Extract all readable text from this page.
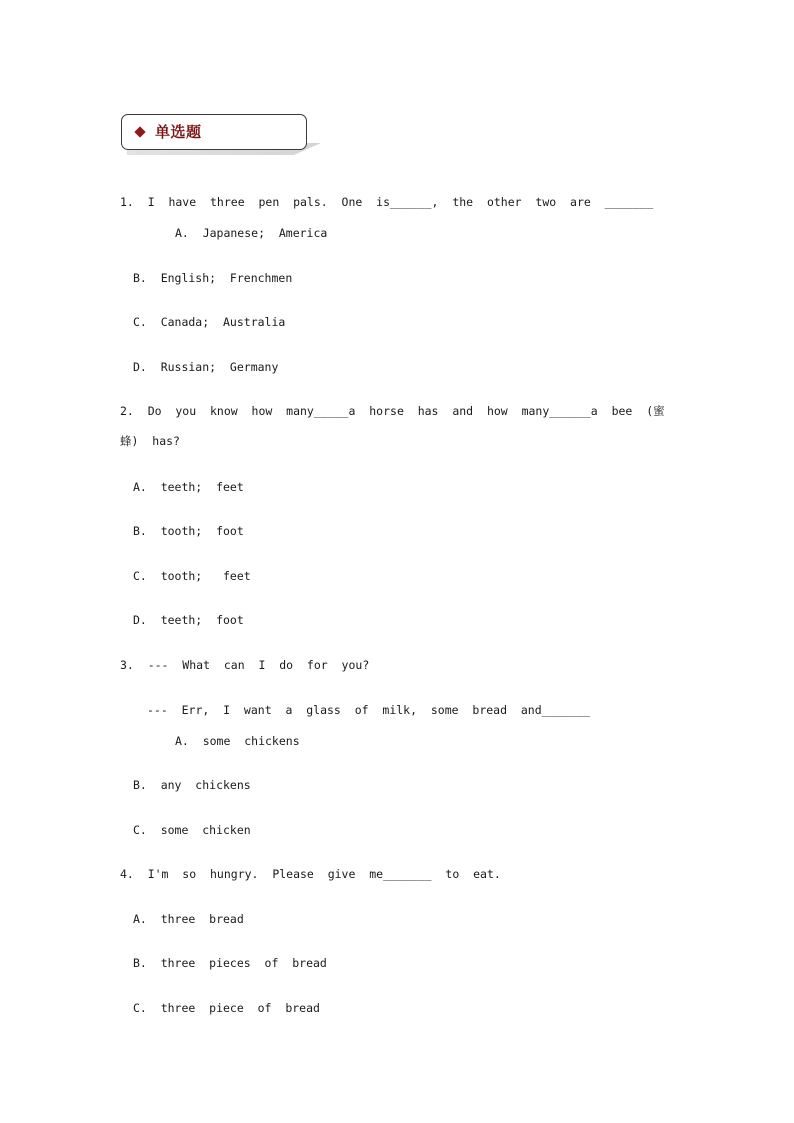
单选题
1.  I  have  three  pen  pals.  One  is______,  the  other  two  are  _______
A.  Japanese;  America
B.  English;  Frenchmen
C.  Canada;  Australia
D.  Russian;  Germany
2.  Do  you  know  how  many_____a  horse  has  and  how  many______a  bee  (蜜
蜂)  has?
A.  teeth;  feet
B.  tooth;  foot
C.  tooth;   feet
D.  teeth;  foot
3.  ---  What  can  I  do  for  you?
---  Err,  I  want  a  glass  of  milk,  some  bread  and_______
A.  some  chickens
B.  any  chickens
C.  some  chicken
4.  I'm  so  hungry.  Please  give  me_______  to  eat.
A.  three  bread
B.  three  pieces  of  bread
C.  three  piece  of  bread
